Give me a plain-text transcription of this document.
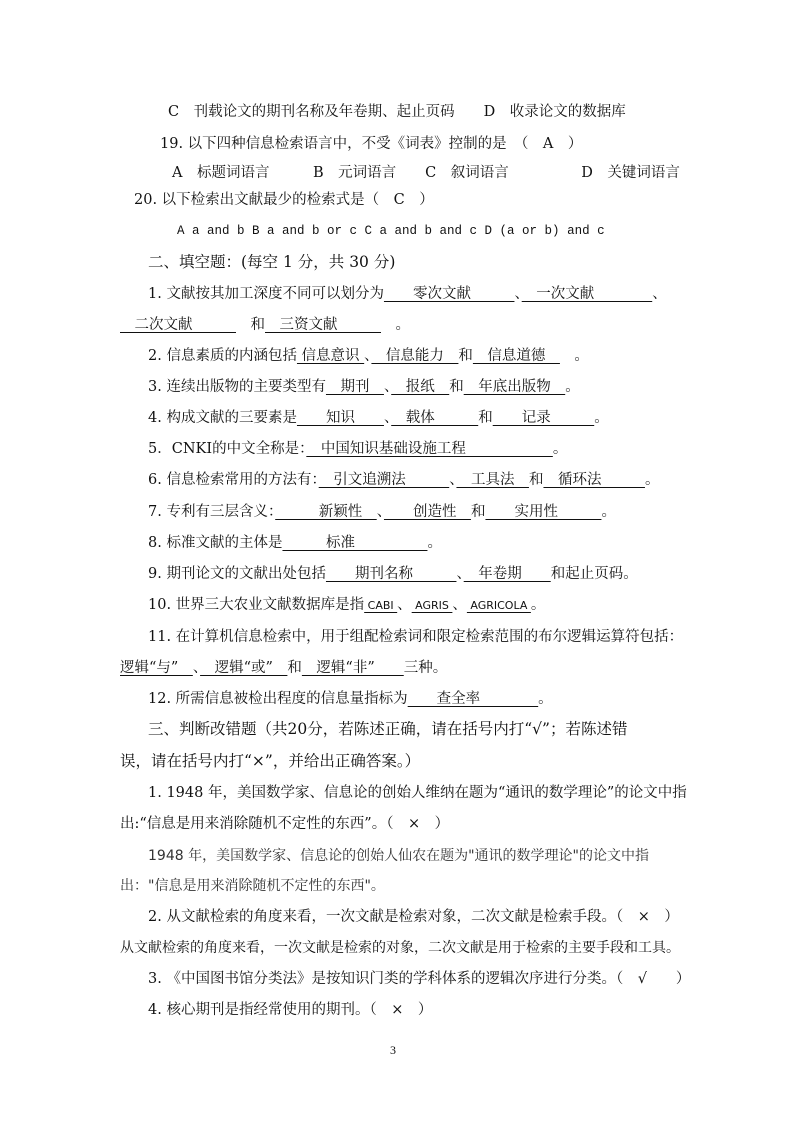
C　刊载论文的期刊名称及年卷期、起止页码　　D　收录论文的数据库
19. 以下四种信息检索语言中，不受《词表》控制的是　（　A　）
A　标题词语言　　　B　元词语言　　C　叙词语言　　　　　D　关键词语言
20. 以下检索出文献最少的检索式是（　C　）
A a and b B a and b or c C a and b and c D (a or b) and c
二、填空题：(每空 1 分，共 30 分)
1. 文献按其加工深度不同可以划分为　　零次文献　　　、　一次文献　　　　、
　二次文献　　　　和　三资文献　　　　。
2. 信息素质的内涵包括 信息意识 、　信息能力　和　信息道德　　。
3. 连续出版物的主要类型有　期刊　、　报纸　和　年底出版物　。
4. 构成文献的三要素是　　知识　　、　载体　　　和　　记录　　　。
5．CNKI的中文全称是：　中国知识基础设施工程　　　　　　。
6. 信息检索常用的方法有：　引文追溯法　　　、　工具法　和　循环法　　　。
7. 专利有三层含义：　　　新颖性　、　　创造性　和　　实用性　　　。
8. 标准文献的主体是　　　标准　　　　　。
9. 期刊论文的文献出处包括　　期刊名称　　　、　年卷期　　和起止页码。
10. 世界三大农业文献数据库是指 CABI 、 AGRIS 、 AGRICOLA 。
11. 在计算机信息检索中，用于组配检索词和限定检索范围的布尔逻辑运算符包括：
逻辑“与”　、　逻辑“或”　和　逻辑“非”　　三种。
12. 所需信息被检出程度的信息量指标为　　查全率　　　　。
三、判断改错题（共20分，若陈述正确，请在括号内打“√”；若陈述错
误，请在括号内打“×”，并给出正确答案。）
1. 1948 年，美国数学家、信息论的创始人维纳在题为“通讯的数学理论”的论文中指
出:“信息是用来消除随机不定性的东西”。（　×　）
1948 年，美国数学家、信息论的创始人仙农在题为"通讯的数学理论"的论文中指
出："信息是用来消除随机不定性的东西"。
2. 从文献检索的角度来看，一次文献是检索对象，二次文献是检索手段。（　×　）
从文献检索的角度来看，一次文献是检索的对象，二次文献是用于检索的主要手段和工具。
3. 《中国图书馆分类法》是按知识门类的学科体系的逻辑次序进行分类。（　√　　）
4. 核心期刊是指经常使用的期刊。（　×　）
3
